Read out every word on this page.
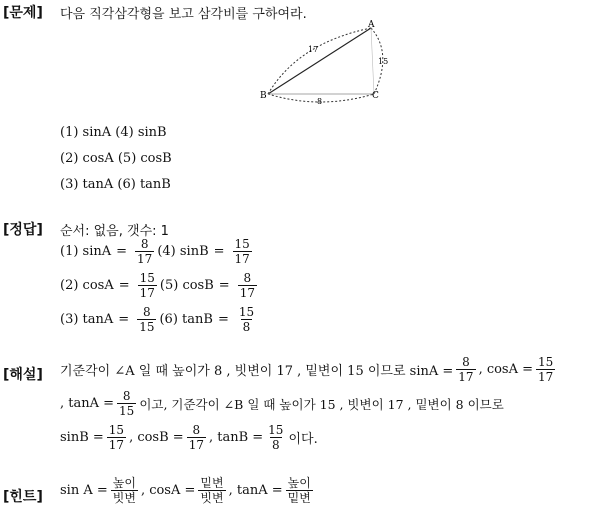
[문제] 다음 직각삼각형을 보고 삼각비를 구하여라.
A
B	C
17
15
8
(1) sinA (4) sinB
(2) cosA (5) cosB
(3) tanA (6) tanB
[정답] 순서: 없음, 갯수: 1
(1) $\sin A = \frac{8}{17} (4) \sin B = \frac{15}{17}$
(2) $\cos A = \frac{15}{17} (5) \cos B = \frac{8}{17}$
(3) $\tan A = \frac{8}{15} (6) \tan B = \frac{15}{8}$
[해설] 기준각이 ∠A 일 때 높이가 8 , 빗변이 17 , 밑변이 15 이므로 $\sin A = \frac{8}{17}$ , $\cos A = \frac{15}{17}$
, $\tan A = \frac{8}{15}$ 이고, 기준각이 ∠B 일 때 높이가 15 , 빗변이 17 , 밑변이 8 이므로
$\sin B = \frac{15}{17}$ , $\cos B = \frac{8}{17}$ , $\tan B = \frac{15}{8}$ 이다.
[힌트] $\sin A = \frac{\text{높이}}{\text{빗변}}$ , $\cos A = \frac{\text{밑변}}{\text{빗변}}$ , $\tan A = \frac{\text{높이}}{\text{밑변}}$
